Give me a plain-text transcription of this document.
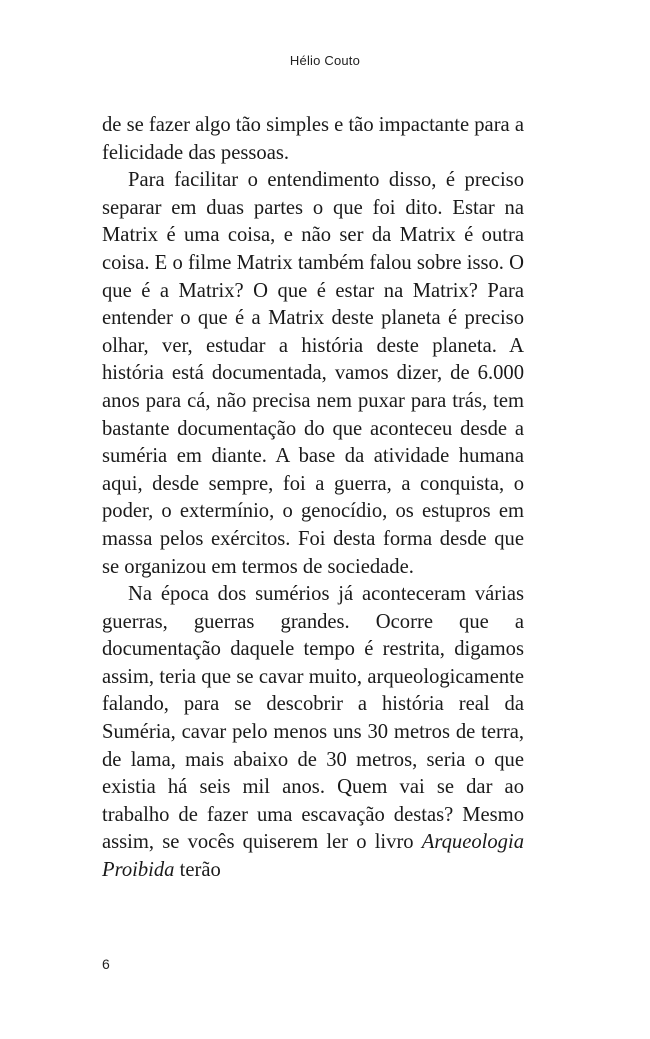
Hélio Couto

de se fazer algo tão simples e tão impactante para a felicidade das pessoas.

Para facilitar o entendimento disso, é preciso separar em duas partes o que foi dito. Estar na Matrix é uma coisa, e não ser da Matrix é outra coisa. E o filme Matrix também falou sobre isso. O que é a Matrix? O que é estar na Matrix? Para entender o que é a Matrix deste planeta é preciso olhar, ver, estudar a história deste planeta. A história está documentada, vamos dizer, de 6.000 anos para cá, não precisa nem puxar para trás, tem bastante documentação do que aconteceu desde a suméria em diante. A base da atividade humana aqui, desde sempre, foi a guerra, a conquista, o poder, o extermínio, o genocídio, os estupros em massa pelos exércitos. Foi desta forma desde que se organizou em termos de sociedade.

Na época dos sumérios já aconteceram várias guerras, guerras grandes. Ocorre que a documentação daquele tempo é restrita, digamos assim, teria que se cavar muito, arqueologicamente falando, para se descobrir a história real da Suméria, cavar pelo menos uns 30 metros de terra, de lama, mais abaixo de 30 metros, seria o que existia há seis mil anos. Quem vai se dar ao trabalho de fazer uma escavação destas? Mesmo assim, se vocês quiserem ler o livro Arqueologia Proibida terão

6
